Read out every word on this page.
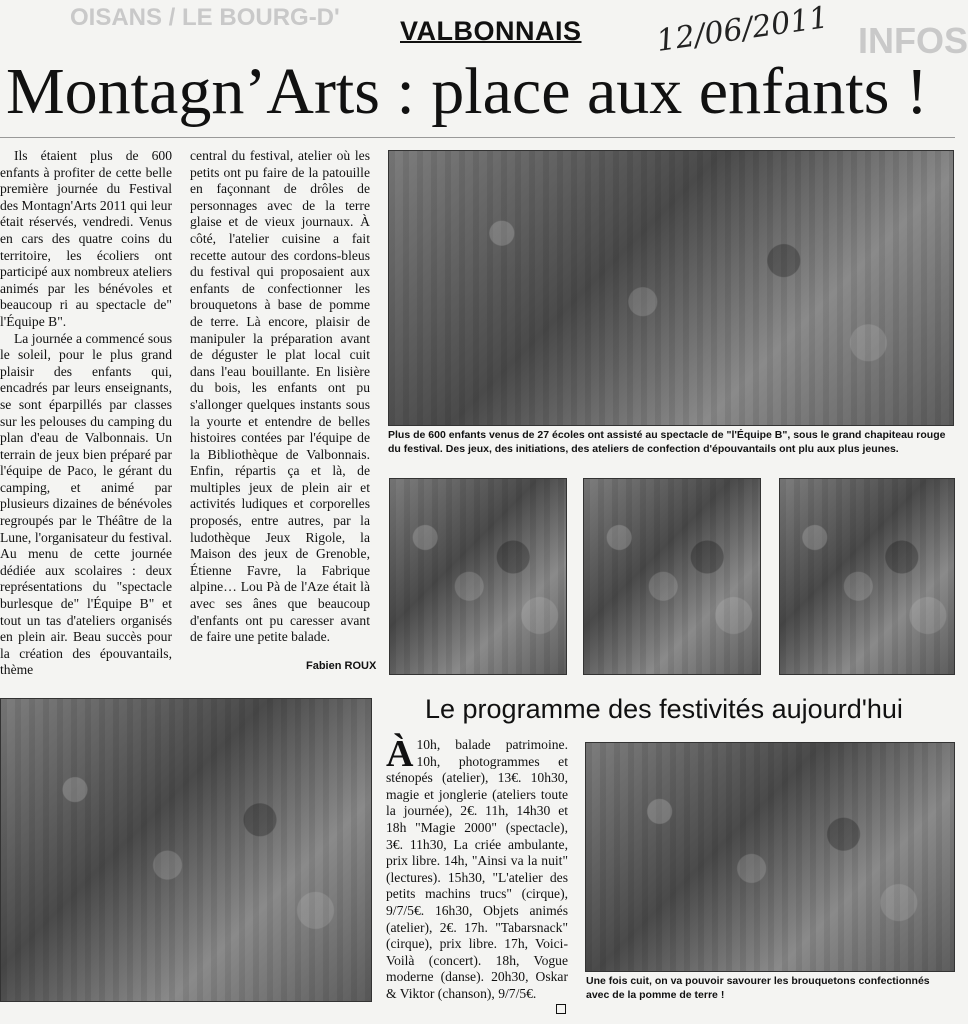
OISANS / LE BOURG-D'
INFOS
VALBONNAIS 12/06/2011
Montagn’Arts : place aux enfants !

Ils étaient plus de 600 enfants à profiter de cette belle première journée du Festival des Montagn'Arts 2011 qui leur était réservés, vendredi. Venus en cars des quatre coins du territoire, les écoliers ont participé aux nombreux ateliers animés par les bénévoles et beaucoup ri au spectacle de" l'Équipe B".

La journée a commencé sous le soleil, pour le plus grand plaisir des enfants qui, encadrés par leurs enseignants, se sont éparpillés par classes sur les pelouses du camping du plan d'eau de Valbonnais. Un terrain de jeux bien préparé par l'équipe de Paco, le gérant du camping, et animé par plusieurs dizaines de bénévoles regroupés par le Théâtre de la Lune, l'organisateur du festival. Au menu de cette journée dédiée aux scolaires : deux représentations du "spectacle burlesque de" l'Équipe B" et tout un tas d'ateliers organisés en plein air. Beau succès pour la création des épouvantails, thème

central du festival, atelier où les petits ont pu faire de la patouille en façonnant de drôles de personnages avec de la terre glaise et de vieux journaux. À côté, l'atelier cuisine a fait recette autour des cordons-bleus du festival qui proposaient aux enfants de confectionner les brouquetons à base de pomme de terre. Là encore, plaisir de manipuler la préparation avant de déguster le plat local cuit dans l'eau bouillante. En lisière du bois, les enfants ont pu s'allonger quelques instants sous la yourte et entendre de belles histoires contées par l'équipe de la Bibliothèque de Valbonnais. Enfin, répartis ça et là, de multiples jeux de plein air et activités ludiques et corporelles proposés, entre autres, par la ludothèque Jeux Rigole, la Maison des jeux de Grenoble, Étienne Favre, la Fabrique alpine… Lou Pà de l'Aze était là avec ses ânes que beaucoup d'enfants ont pu caresser avant de faire une petite balade.

Fabien ROUX
Plus de 600 enfants venus de 27 écoles ont assisté au spectacle de "l'Équipe B", sous le grand chapiteau rouge du festival. Des jeux, des initiations, des ateliers de confection d'épouvantails ont plu aux plus jeunes.
Le programme des festivités aujourd'hui
À 10h, balade patrimoine. 10h, photogrammes et sténopés (atelier), 13€. 10h30, magie et jonglerie (ateliers toute la journée), 2€. 11h, 14h30 et 18h "Magie 2000" (spectacle), 3€. 11h30, La criée ambulante, prix libre. 14h, "Ainsi va la nuit" (lectures). 15h30, "L'atelier des petits machins trucs" (cirque), 9/7/5€. 16h30, Objets animés (atelier), 2€. 17h. "Tabarsnack" (cirque), prix libre. 17h, Voici-Voilà (concert). 18h, Vogue moderne (danse). 20h30, Oskar & Viktor (chanson), 9/7/5€.
Une fois cuit, on va pouvoir savourer les brouquetons confectionnés avec de la pomme de terre !
